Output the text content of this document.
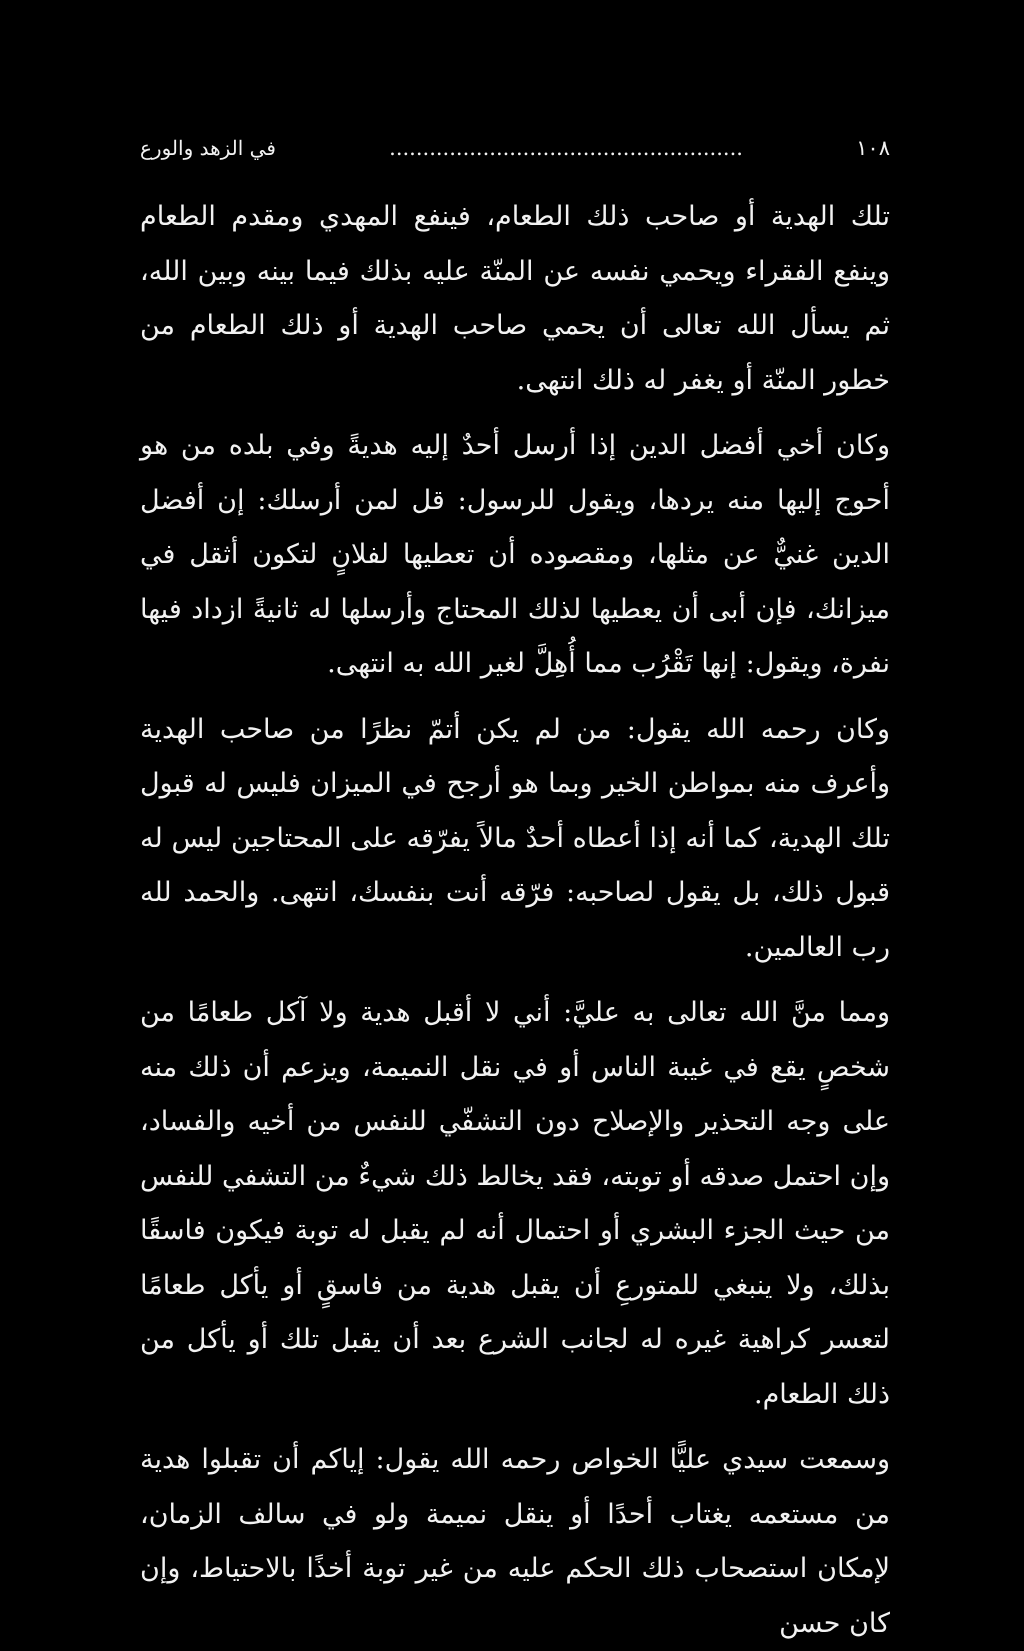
١٠٨
.....................................................
في الزهد والورع

تلك الهدية أو صاحب ذلك الطعام، فينفع المهدي ومقدم الطعام وينفع الفقراء ويحمي نفسه عن المنّة عليه بذلك فيما بينه وبين الله، ثم يسأل الله تعالى أن يحمي صاحب الهدية أو ذلك الطعام من خطور المنّة أو يغفر له ذلك انتهى.

وكان أخي أفضل الدين إذا أرسل أحدٌ إليه هديةً وفي بلده من هو أحوج إليها منه يردها، ويقول للرسول: قل لمن أرسلك: إن أفضل الدين غنيٌّ عن مثلها، ومقصوده أن تعطيها لفلانٍ لتكون أثقل في ميزانك، فإن أبى أن يعطيها لذلك المحتاج وأرسلها له ثانيةً ازداد فيها نفرة، ويقول: إنها تَقْرُب مما أُهِلَّ لغير الله به انتهى.

وكان رحمه الله يقول: من لم يكن أتمّ نظرًا من صاحب الهدية وأعرف منه بمواطن الخير وبما هو أرجح في الميزان فليس له قبول تلك الهدية، كما أنه إذا أعطاه أحدٌ مالاً يفرّقه على المحتاجين ليس له قبول ذلك، بل يقول لصاحبه: فرّقه أنت بنفسك، انتهى. والحمد لله رب العالمين.

ومما منَّ الله تعالى به عليَّ: أني لا أقبل هدية ولا آكل طعامًا من شخصٍ يقع في غيبة الناس أو في نقل النميمة، ويزعم أن ذلك منه على وجه التحذير والإصلاح دون التشفّي للنفس من أخيه والفساد، وإن احتمل صدقه أو توبته، فقد يخالط ذلك شيءٌ من التشفي للنفس من حيث الجزء البشري أو احتمال أنه لم يقبل له توبة فيكون فاسقًا بذلك، ولا ينبغي للمتورعِ أن يقبل هدية من فاسقٍ أو يأكل طعامًا لتعسر كراهية غيره له لجانب الشرع بعد أن يقبل تلك أو يأكل من ذلك الطعام.

وسمعت سيدي عليًّا الخواص رحمه الله يقول: إياكم أن تقبلوا هدية من مستعمه يغتاب أحدًا أو ينقل نميمة ولو في سالف الزمان، لإمكان استصحاب ذلك الحكم عليه من غير توبة أخذًا بالاحتياط، وإن كان حسن
